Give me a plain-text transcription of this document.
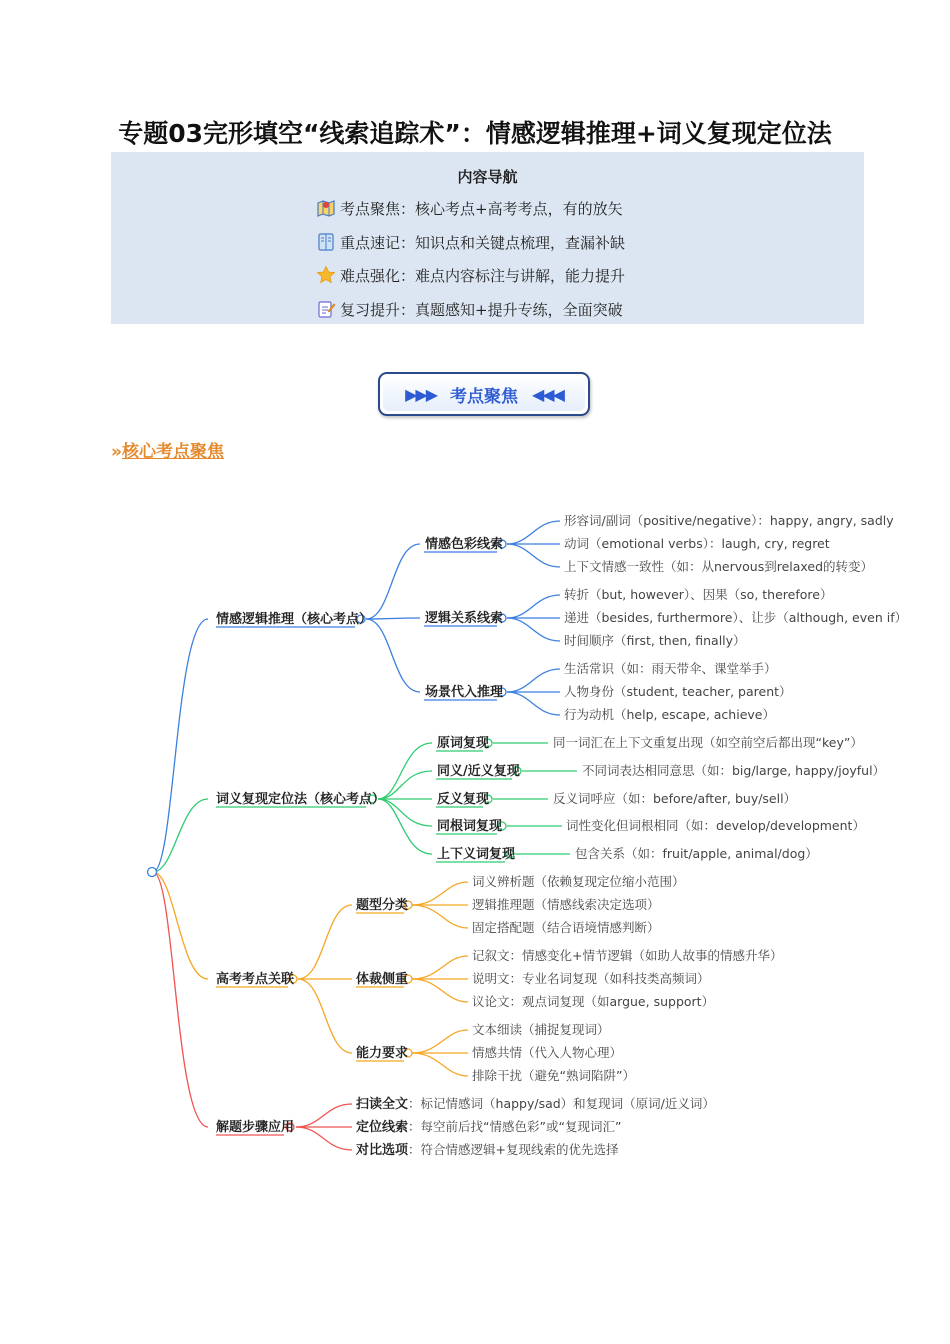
专题03完形填空“线索追踪术”：情感逻辑推理+词义复现定位法
内容导航
考点聚焦：核心考点+高考考点，有的放矢
重点速记：知识点和关键点梳理，查漏补缺
难点强化：难点内容标注与讲解，能力提升
复习提升：真题感知+提升专练，全面突破
▶▶▶ 考点聚焦 ◀◀◀
»核心考点聚焦
情感逻辑推理（核心考点）
词义复现定位法（核心考点）
高考考点关联
解题步骤应用
情感色彩线索
逻辑关系线索
场景代入推理
形容词/副词（positive/negative）：happy, angry, sadly
动词（emotional verbs）：laugh, cry, regret
上下文情感一致性（如：从nervous到relaxed的转变）
转折（but, however）、因果（so, therefore）
递进（besides, furthermore）、让步（although, even if）
时间顺序（first, then, finally）
生活常识（如：雨天带伞、课堂举手）
人物身份（student, teacher, parent）
行为动机（help, escape, achieve）
原词复现
同义/近义复现
反义复现
同根词复现
上下义词复现
同一词汇在上下文重复出现（如空前空后都出现“key”）
不同词表达相同意思（如：big/large, happy/joyful）
反义词呼应（如：before/after, buy/sell）
词性变化但词根相同（如：develop/development）
包含关系（如：fruit/apple, animal/dog）
题型分类
体裁侧重
能力要求
词义辨析题（依赖复现定位缩小范围）
逻辑推理题（情感线索决定选项）
固定搭配题（结合语境情感判断）
记叙文：情感变化+情节逻辑（如助人故事的情感升华）
说明文：专业名词复现（如科技类高频词）
议论文：观点词复现（如argue, support）
文本细读（捕捉复现词）
情感共情（代入人物心理）
排除干扰（避免“熟词陷阱”）
扫读全文：标记情感词（happy/sad）和复现词（原词/近义词）
定位线索：每空前后找“情感色彩”或“复现词汇”
对比选项：符合情感逻辑+复现线索的优先选择
